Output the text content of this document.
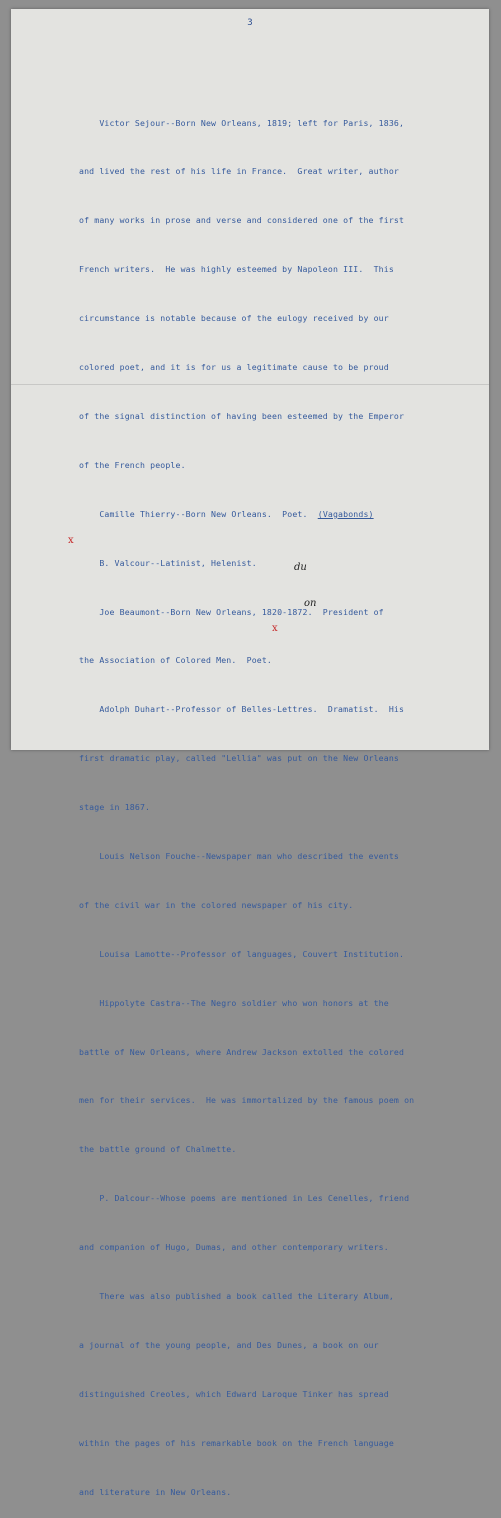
3

Victor Sejour--Born New Orleans, 1819; left for Paris, 1836,

and lived the rest of his life in France.  Great writer, author

of many works in prose and verse and considered one of the first

French writers.  He was highly esteemed by Napoleon III.  This

circumstance is notable because of the eulogy received by our

colored poet, and it is for us a legitimate cause to be proud

of the signal distinction of having been esteemed by the Emperor

of the French people.

Camille Thierry--Born New Orleans.  Poet.  (Vagabonds)

B. Valcour--Latinist, Helenist.

Joe Beaumont--Born New Orleans, 1820-1872.  President of

the Association of Colored Men.  Poet.

Adolph Duhart--Professor of Belles-Lettres.  Dramatist.  His

first dramatic play, called "Lellia" was put on the New Orleans

stage in 1867.

Louis Nelson Fouche--Newspaper man who described the events

of the civil war in the colored newspaper of his city.

Louisa Lamotte--Professor of languages, Couvert Institution.

Hippolyte Castra--The Negro soldier who won honors at the

battle of New Orleans, where Andrew Jackson extolled the colored

men for their services.  He was immortalized by the famous poem on

the battle ground of Chalmette.

P. Dalcour--Whose poems are mentioned in Les Cenelles, friend

and companion of Hugo, Dumas, and other contemporary writers.

There was also published a book called the Literary Album,

a journal of the young people, and Des Dunes, a book on our

distinguished Creoles, which Edward Laroque Tinker has spread

within the pages of his remarkable book on the French language

and literature in New Orleans.

x
x
du
on
